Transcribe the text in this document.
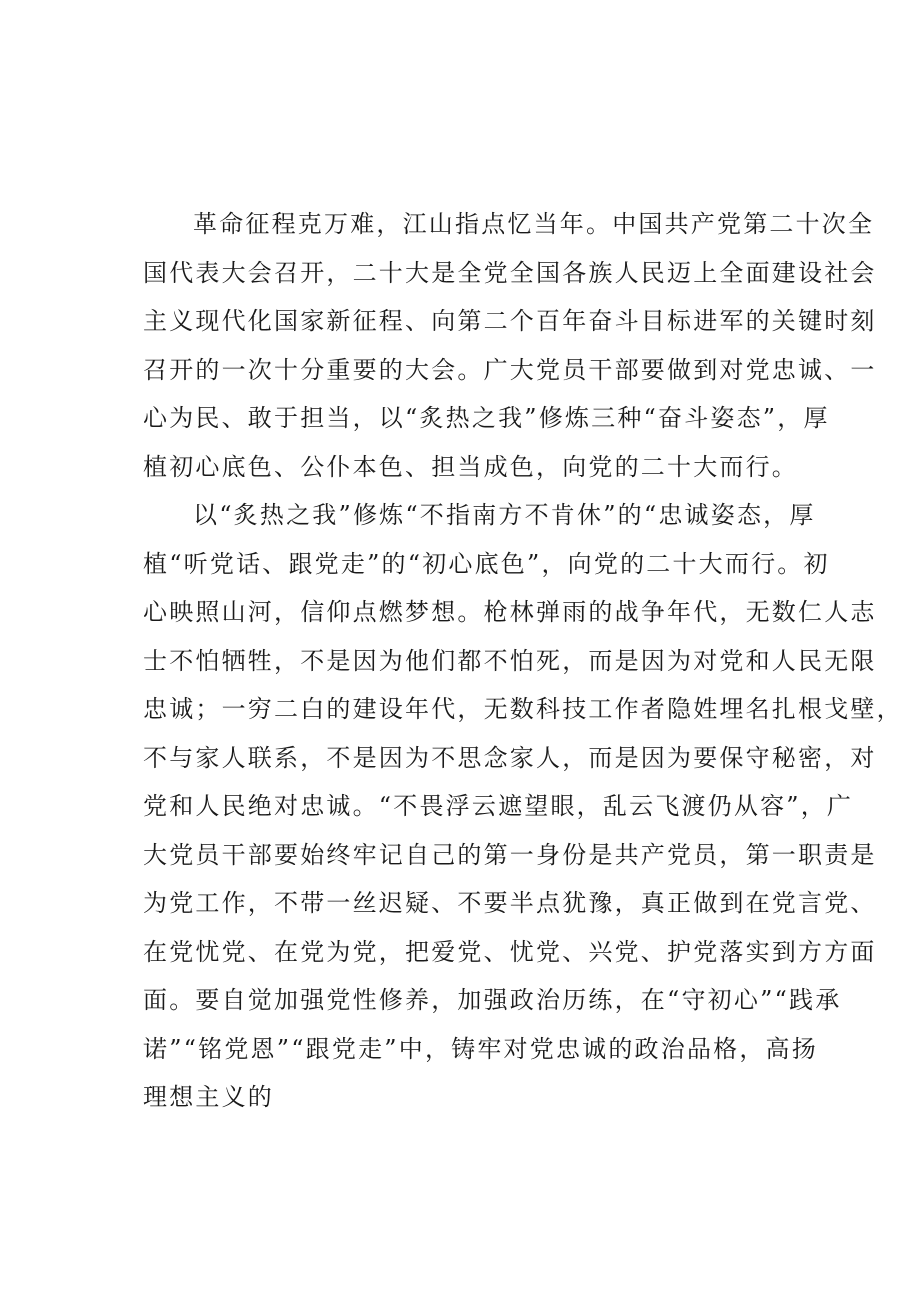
革命征程克万难，江山指点忆当年。中国共产党第二十次全
国代表大会召开，二十大是全党全国各族人民迈上全面建设社会
主义现代化国家新征程、向第二个百年奋斗目标进军的关键时刻
召开的一次十分重要的大会。广大党员干部要做到对党忠诚、一
心为民、敢于担当，以“炙热之我”修炼三种“奋斗姿态”，厚
植初心底色、公仆本色、担当成色，向党的二十大而行。
以“炙热之我”修炼“不指南方不肯休”的“忠诚姿态，厚
植“听党话、跟党走”的“初心底色”，向党的二十大而行。初
心映照山河，信仰点燃梦想。枪林弹雨的战争年代，无数仁人志
士不怕牺牲，不是因为他们都不怕死，而是因为对党和人民无限
忠诚；一穷二白的建设年代，无数科技工作者隐姓埋名扎根戈壁，
不与家人联系，不是因为不思念家人，而是因为要保守秘密，对
党和人民绝对忠诚。“不畏浮云遮望眼，乱云飞渡仍从容”，广
大党员干部要始终牢记自己的第一身份是共产党员，第一职责是
为党工作，不带一丝迟疑、不要半点犹豫，真正做到在党言党、
在党忧党、在党为党，把爱党、忧党、兴党、护党落实到方方面
面。要自觉加强党性修养，加强政治历练，在“守初心”“践承
诺”“铭党恩”“跟党走”中，铸牢对党忠诚的政治品格，高扬
理想主义的
